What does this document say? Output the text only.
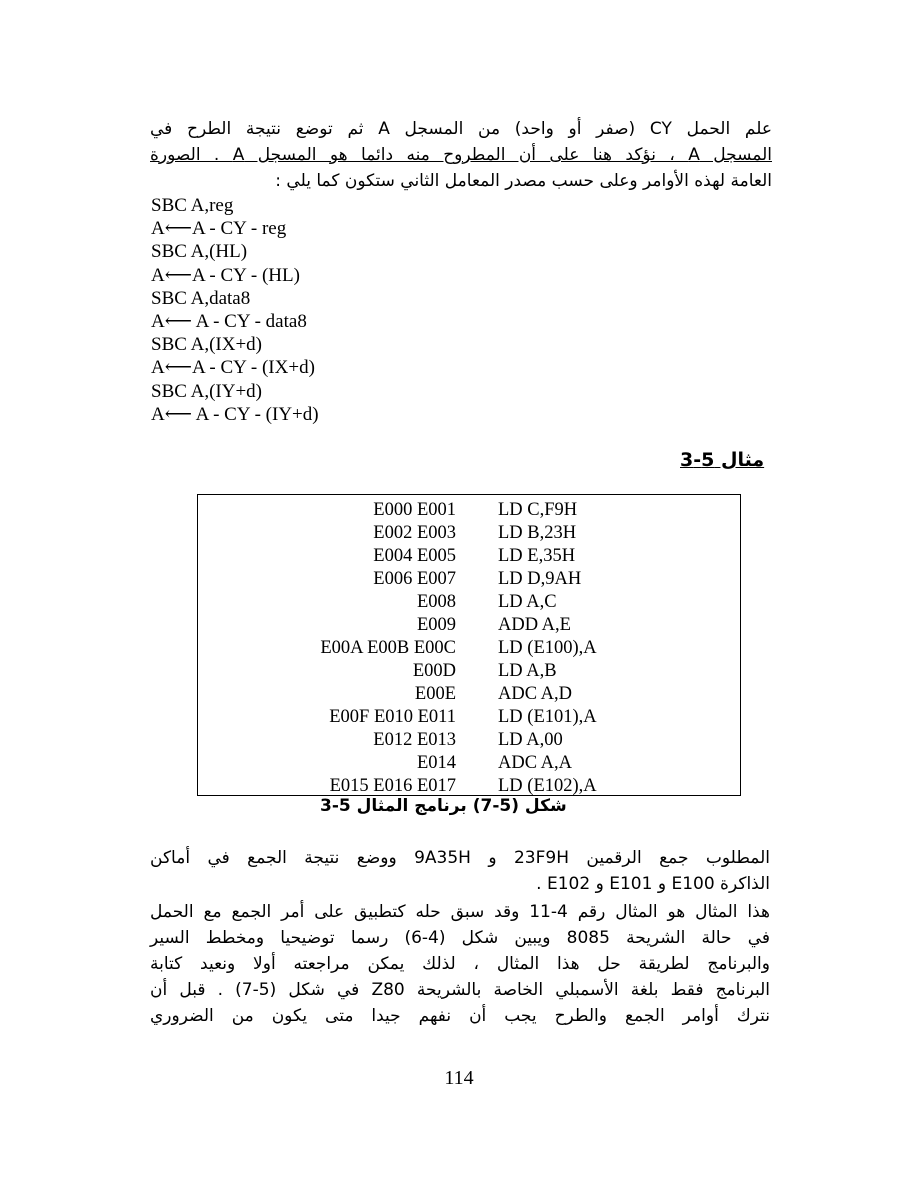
علم الحمل CY (صفر أو واحد) من المسجل A ثم توضع نتيجة الطرح في
المسجل A ، نؤكد هنا على أن المطروح منه دائما هو المسجل A . الصورة
العامة لهذه الأوامر وعلى حسب مصدر المعامل الثاني ستكون كما يلي :
SBC A,reg
A⟵A - CY - reg
SBC A,(HL)
A⟵A - CY - (HL)
SBC A,data8
A⟵ A - CY - data8
SBC A,(IX+d)
A⟵A - CY - (IX+d)
SBC A,(IY+d)
A⟵ A - CY - (IY+d)
مثال 5-3
E000 E001 LD C,F9H
E002 E003 LD B,23H
E004 E005 LD E,35H
E006 E007 LD D,9AH
E008 LD A,C
E009 ADD A,E
E00A E00B E00C LD (E100),A
E00D LD A,B
E00E ADC A,D
E00F E010 E011 LD (E101),A
E012 E013 LD A,00
E014 ADC A,A
E015 E016 E017 LD (E102),A
شكل (5-7) برنامج المثال 5-3
المطلوب جمع الرقمين 23F9H و 9A35H ووضع نتيجة الجمع في أماكن
الذاكرة E100 و E101 و E102 .
هذا المثال هو المثال رقم 4-11 وقد سبق حله كتطبيق على أمر الجمع مع الحمل
في حالة الشريحة 8085 ويبين شكل (4-6) رسما توضيحيا ومخطط السير
والبرنامج لطريقة حل هذا المثال ، لذلك يمكن مراجعته أولا ونعيد كتابة
البرنامج فقط بلغة الأسمبلي الخاصة بالشريحة Z80 في شكل (5-7) . قبل أن
نترك أوامر الجمع والطرح يجب أن نفهم جيدا متى يكون من الضروري
114
